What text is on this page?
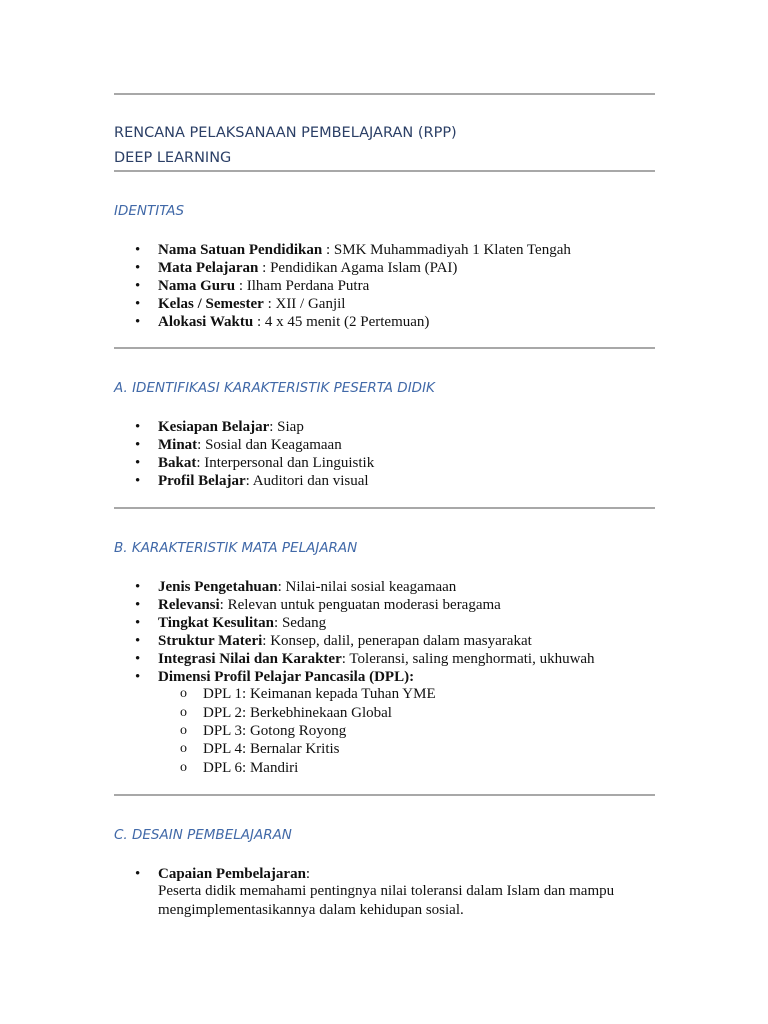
RENCANA PELAKSANAAN PEMBELAJARAN (RPP)
DEEP LEARNING
IDENTITAS
• Nama Satuan Pendidikan : SMK Muhammadiyah 1 Klaten Tengah
• Mata Pelajaran : Pendidikan Agama Islam (PAI)
• Nama Guru : Ilham Perdana Putra
• Kelas / Semester : XII / Ganjil
• Alokasi Waktu : 4 x 45 menit (2 Pertemuan)
A. IDENTIFIKASI KARAKTERISTIK PESERTA DIDIK
• Kesiapan Belajar: Siap
• Minat: Sosial dan Keagamaan
• Bakat: Interpersonal dan Linguistik
• Profil Belajar: Auditori dan visual
B. KARAKTERISTIK MATA PELAJARAN
• Jenis Pengetahuan: Nilai-nilai sosial keagamaan
• Relevansi: Relevan untuk penguatan moderasi beragama
• Tingkat Kesulitan: Sedang
• Struktur Materi: Konsep, dalil, penerapan dalam masyarakat
• Integrasi Nilai dan Karakter: Toleransi, saling menghormati, ukhuwah
• Dimensi Profil Pelajar Pancasila (DPL):
o DPL 1: Keimanan kepada Tuhan YME
o DPL 2: Berkebhinekaan Global
o DPL 3: Gotong Royong
o DPL 4: Bernalar Kritis
o DPL 6: Mandiri
C. DESAIN PEMBELAJARAN
• Capaian Pembelajaran:
Peserta didik memahami pentingnya nilai toleransi dalam Islam dan mampu mengimplementasikannya dalam kehidupan sosial.
